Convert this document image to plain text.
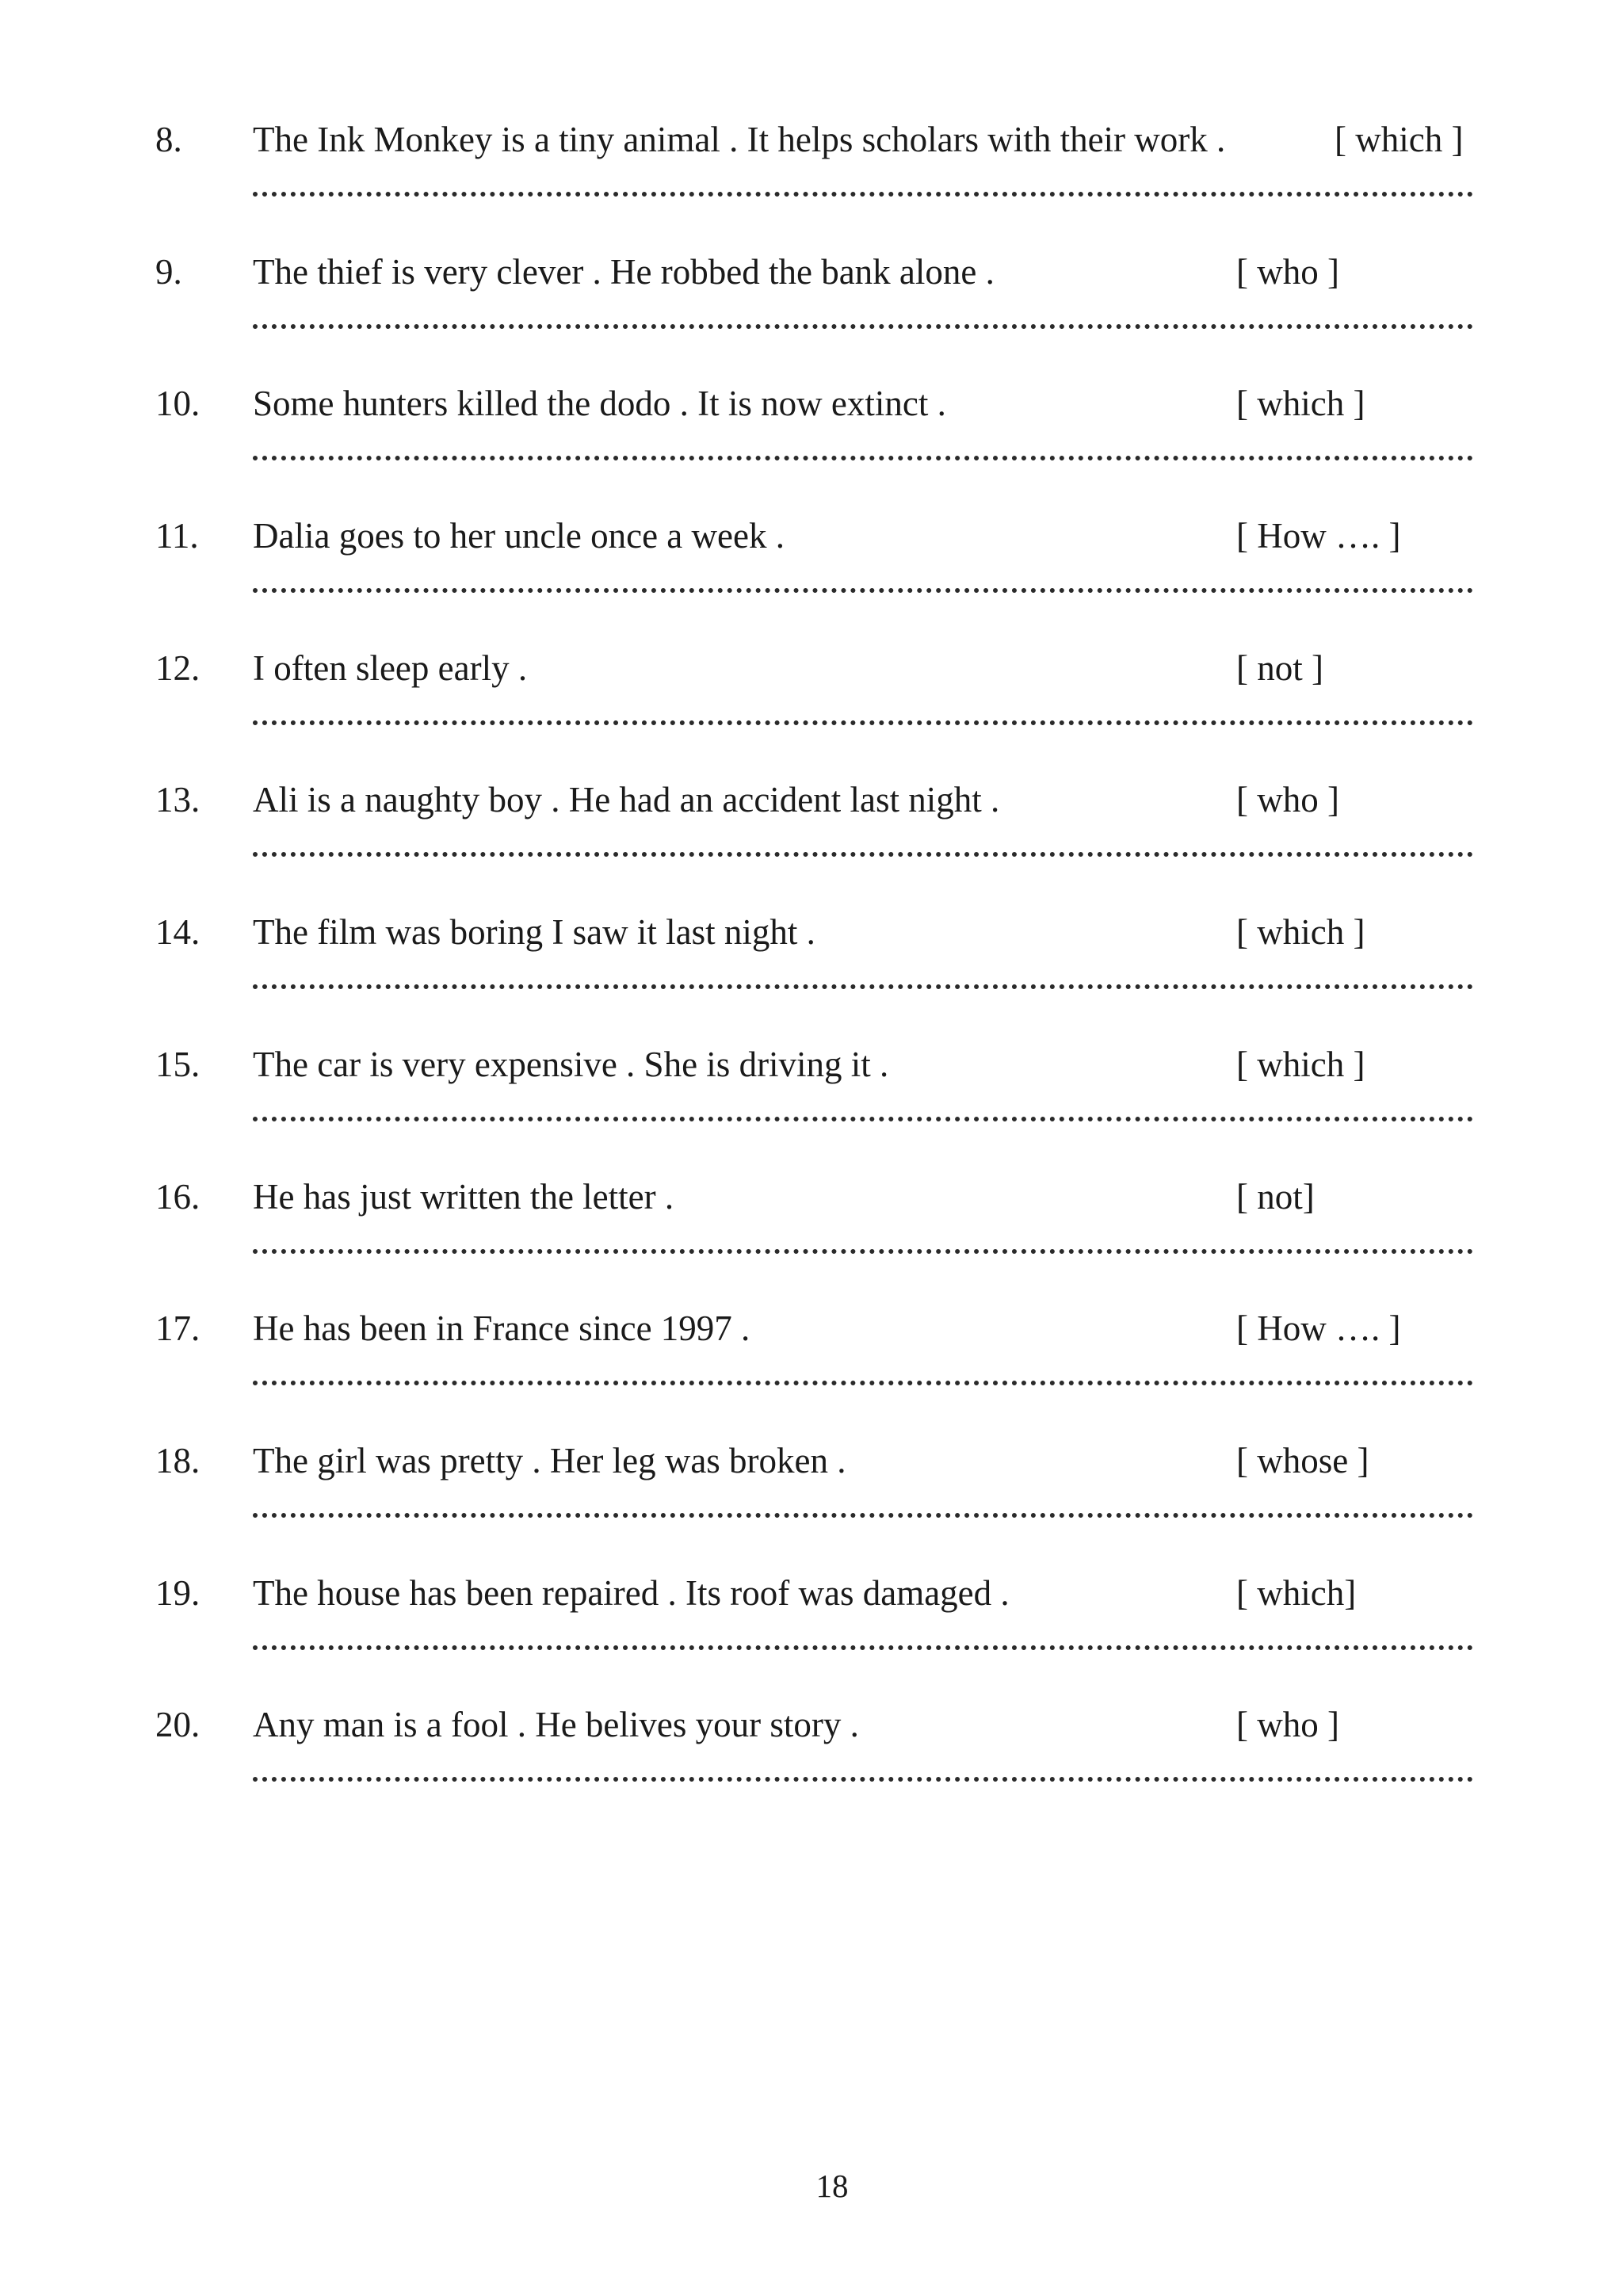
8. The Ink Monkey is a tiny animal . It helps scholars with their work .	[ which ]
9. The thief is very clever . He robbed the bank alone .	[ who ]
10. Some hunters killed the dodo . It is now extinct .	[ which ]
11. Dalia goes to her uncle once a week .	[ How …. ]
12. I often sleep early .	[ not ]
13. Ali is a naughty boy . He had an accident last night .	[ who ]
14. The film was boring I saw it last night .	[ which ]
15. The car is very expensive . She is driving it .	[ which ]
16. He has just written the letter .	[ not]
17. He has been in France since 1997 .	[ How …. ]
18. The girl was pretty . Her leg was broken .	[ whose ]
19. The house has been repaired . Its roof was damaged .	[ which]
20. Any man is a fool . He belives your story .	[ who ]
18
